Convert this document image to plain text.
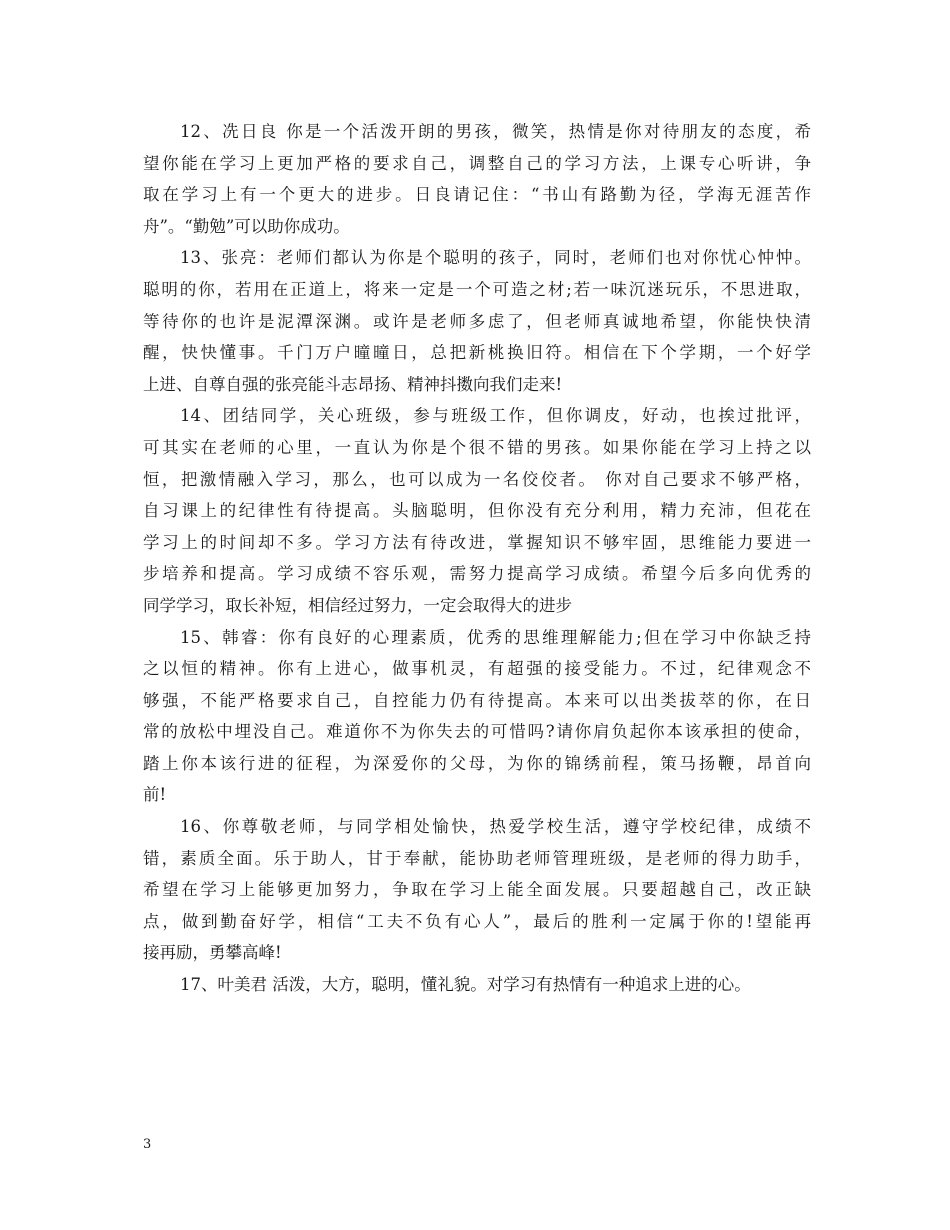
12、冼日良 你是一个活泼开朗的男孩，微笑，热情是你对待朋友的态度，希
望你能在学习上更加严格的要求自己，调整自己的学习方法，上课专心听讲，争
取在学习上有一个更大的进步。日良请记住：“书山有路勤为径，学海无涯苦作
舟”。“勤勉”可以助你成功。

13、张亮：老师们都认为你是个聪明的孩子，同时，老师们也对你忧心忡忡。
聪明的你，若用在正道上，将来一定是一个可造之材;若一味沉迷玩乐，不思进取，
等待你的也许是泥潭深渊。或许是老师多虑了，但老师真诚地希望，你能快快清
醒，快快懂事。千门万户曈曈日，总把新桃换旧符。相信在下个学期，一个好学
上进、自尊自强的张亮能斗志昂扬、精神抖擞向我们走来!

14、团结同学，关心班级，参与班级工作，但你调皮，好动，也挨过批评，
可其实在老师的心里，一直认为你是个很不错的男孩。如果你能在学习上持之以
恒，把激情融入学习，那么，也可以成为一名佼佼者。 你对自己要求不够严格，
自习课上的纪律性有待提高。头脑聪明，但你没有充分利用，精力充沛，但花在
学习上的时间却不多。学习方法有待改进，掌握知识不够牢固，思维能力要进一
步培养和提高。学习成绩不容乐观，需努力提高学习成绩。希望今后多向优秀的
同学学习，取长补短，相信经过努力，一定会取得大的进步

15、韩睿：你有良好的心理素质，优秀的思维理解能力;但在学习中你缺乏持
之以恒的精神。你有上进心，做事机灵，有超强的接受能力。不过，纪律观念不
够强，不能严格要求自己，自控能力仍有待提高。本来可以出类拔萃的你，在日
常的放松中埋没自己。难道你不为你失去的可惜吗?请你肩负起你本该承担的使命，
踏上你本该行进的征程，为深爱你的父母，为你的锦绣前程，策马扬鞭，昂首向
前!

16、你尊敬老师，与同学相处愉快，热爱学校生活，遵守学校纪律，成绩不
错，素质全面。乐于助人，甘于奉献，能协助老师管理班级，是老师的得力助手，
希望在学习上能够更加努力，争取在学习上能全面发展。只要超越自己，改正缺
点，做到勤奋好学，相信“工夫不负有心人”，最后的胜利一定属于你的!望能再
接再励，勇攀高峰!

17、叶美君 活泼，大方，聪明，懂礼貌。对学习有热情有一种追求上进的心。

3
